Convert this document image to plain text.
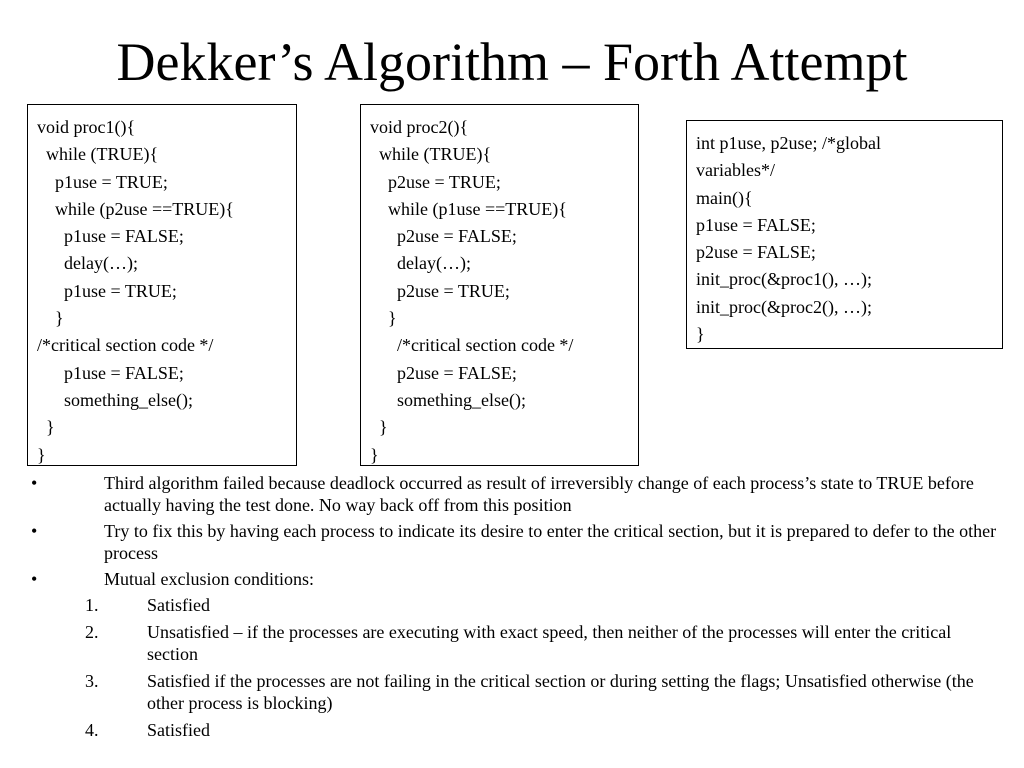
Dekker’s Algorithm – Forth Attempt
void proc1(){
while (TRUE){
p1use = TRUE;
while (p2use ==TRUE){
p1use = FALSE;
delay(…);
p1use = TRUE;
}
/*critical section code */
p1use = FALSE;
something_else();
}
}
void proc2(){
while (TRUE){
p2use = TRUE;
while (p1use ==TRUE){
p2use = FALSE;
delay(…);
p2use = TRUE;
}
/*critical section code */
p2use = FALSE;
something_else();
}
}
int p1use, p2use; /*global
variables*/
main(){
p1use = FALSE;
p2use = FALSE;
init_proc(&proc1(), …);
init_proc(&proc2(), …);
}
•	Third algorithm failed because deadlock occurred as result of irreversibly change of each process’s state to TRUE before actually having the test done. No way back off from this position
•	Try to fix this by having each process to indicate its desire to enter the critical section, but it is prepared to defer to the other process
•	Mutual exclusion conditions:
1.	Satisfied
2.	Unsatisfied – if the processes are executing with exact speed, then neither of the processes will enter the critical section
3.	Satisfied if the processes are not failing in the critical section or during setting the flags; Unsatisfied otherwise (the other process is blocking)
4.	Satisfied
